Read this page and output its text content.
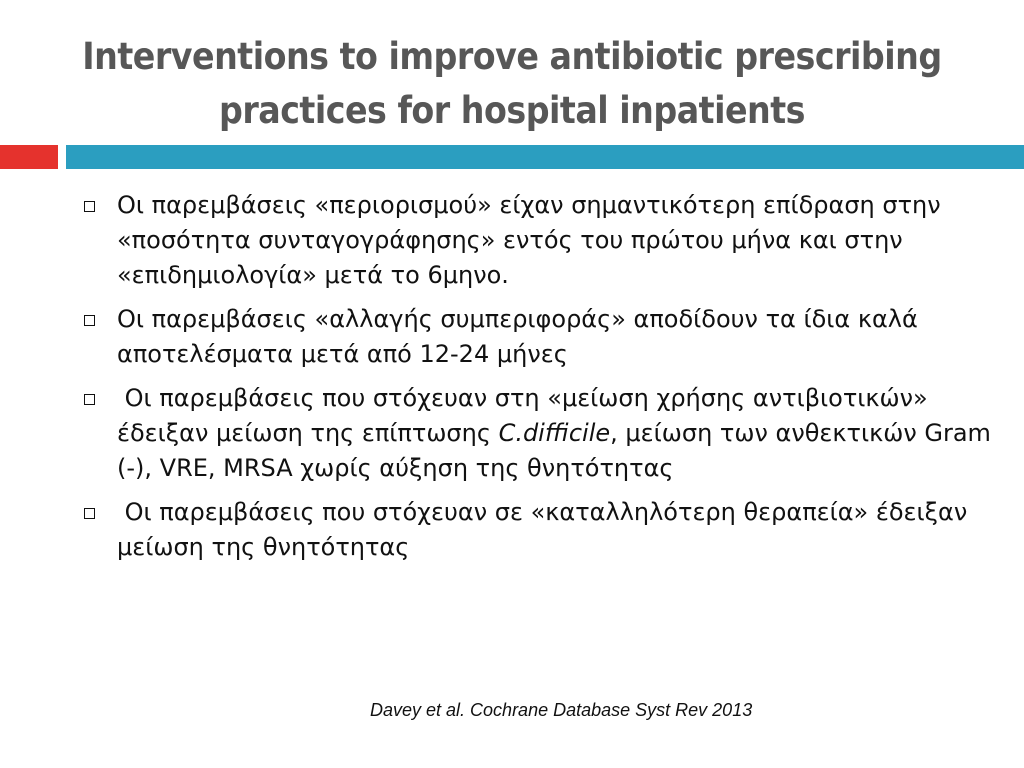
Interventions to improve antibiotic prescribing
practices for hospital inpatients
Οι παρεμβάσεις «περιορισμού» είχαν σημαντικότερη επίδραση στην «ποσότητα συνταγογράφησης» εντός του πρώτου μήνα και στην «επιδημιολογία» μετά το 6μηνο.
Οι παρεμβάσεις «αλλαγής συμπεριφοράς» αποδίδουν τα ίδια καλά αποτελέσματα μετά από 12-24 μήνες
Οι παρεμβάσεις που στόχευαν στη «μείωση χρήσης αντιβιοτικών» έδειξαν μείωση της επίπτωσης C.difficile, μείωση των ανθεκτικών Gram (-), VRE, MRSA χωρίς αύξηση της θνητότητας
Οι παρεμβάσεις που στόχευαν σε «καταλληλότερη θεραπεία» έδειξαν μείωση της θνητότητας
Davey et al. Cochrane Database Syst Rev 2013
